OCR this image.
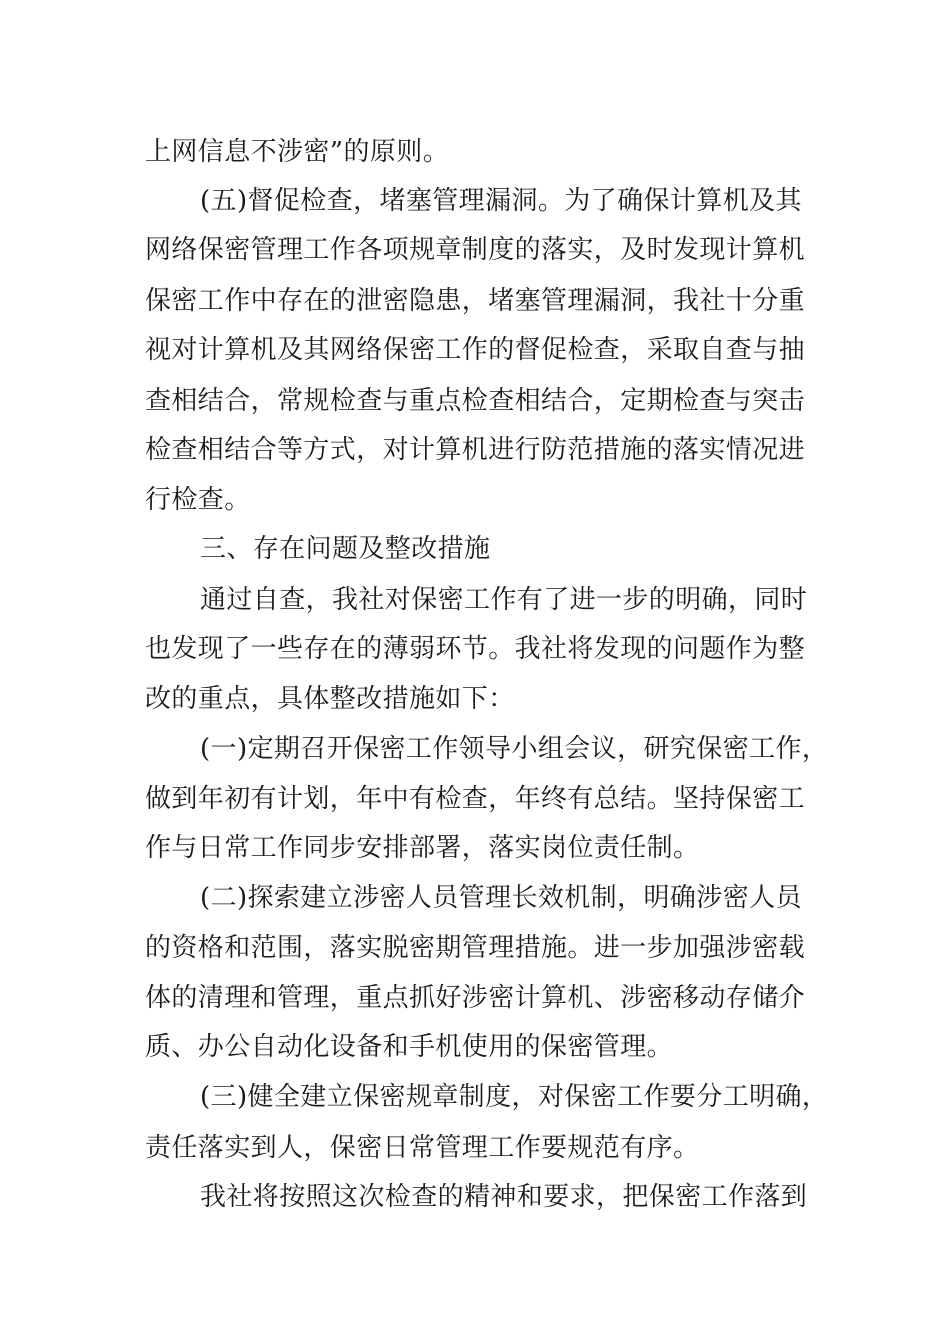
上网信息不涉密”的原则。
(五)督促检查，堵塞管理漏洞。为了确保计算机及其
网络保密管理工作各项规章制度的落实，及时发现计算机
保密工作中存在的泄密隐患，堵塞管理漏洞，我社十分重
视对计算机及其网络保密工作的督促检查，采取自查与抽
查相结合，常规检查与重点检查相结合，定期检查与突击
检查相结合等方式，对计算机进行防范措施的落实情况进
行检查。
三、存在问题及整改措施
通过自查，我社对保密工作有了进一步的明确，同时
也发现了一些存在的薄弱环节。我社将发现的问题作为整
改的重点，具体整改措施如下：
(一)定期召开保密工作领导小组会议，研究保密工作，
做到年初有计划，年中有检查，年终有总结。坚持保密工
作与日常工作同步安排部署，落实岗位责任制。
(二)探索建立涉密人员管理长效机制，明确涉密人员
的资格和范围，落实脱密期管理措施。进一步加强涉密载
体的清理和管理，重点抓好涉密计算机、涉密移动存储介
质、办公自动化设备和手机使用的保密管理。
(三)健全建立保密规章制度，对保密工作要分工明确，
责任落实到人，保密日常管理工作要规范有序。
我社将按照这次检查的精神和要求，把保密工作落到
